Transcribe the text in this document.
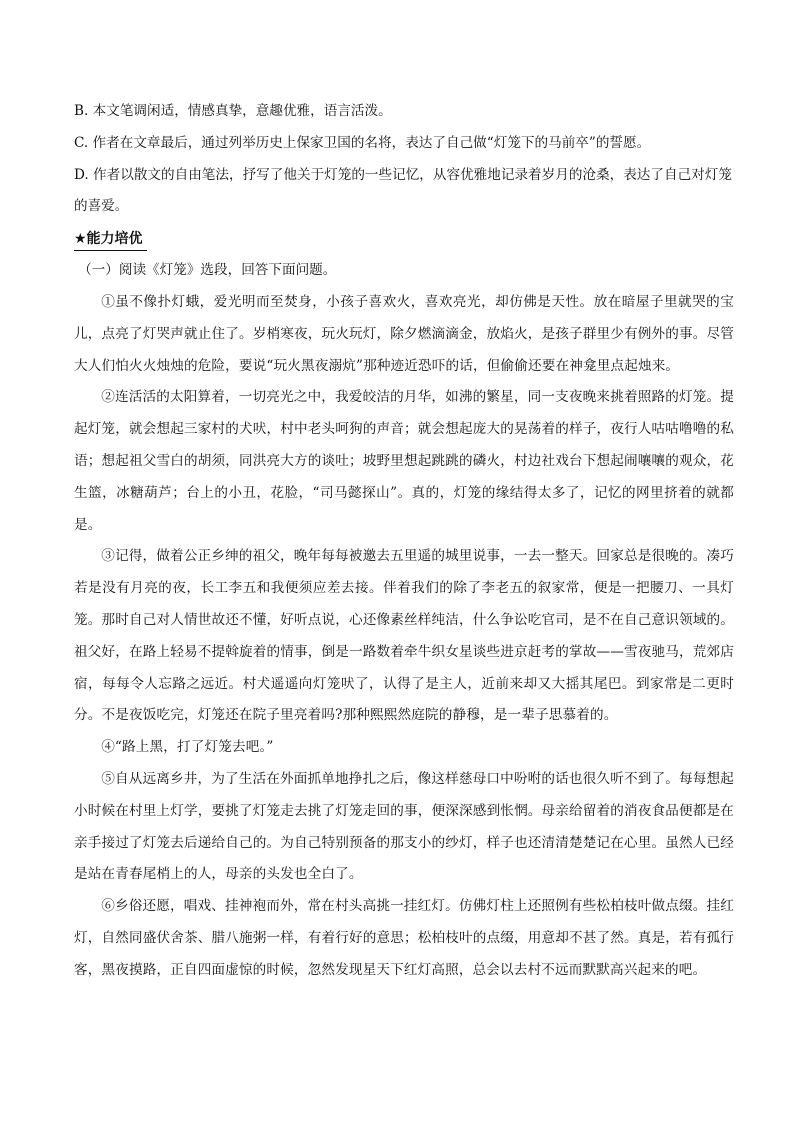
B. 本文笔调闲适，情感真挚，意趣优雅，语言活泼。
C. 作者在文章最后，通过列举历史上保家卫国的名将，表达了自己做“灯笼下的马前卒”的誓愿。
D. 作者以散文的自由笔法，抒写了他关于灯笼的一些记忆，从容优雅地记录着岁月的沧桑，表达了自己对灯笼的喜爱。
★能力培优
（一）阅读《灯笼》选段，回答下面问题。
①虽不像扑灯蛾，爱光明而至焚身，小孩子喜欢火，喜欢亮光，却仿佛是天性。放在暗屋子里就哭的宝儿，点亮了灯哭声就止住了。岁梢寒夜，玩火玩灯，除夕燃滴滴金，放焰火，是孩子群里少有例外的事。尽管大人们怕火火烛烛的危险，要说“玩火黑夜溺炕”那种迹近恐吓的话，但偷偷还要在神龛里点起烛来。
②连活活的太阳算着，一切亮光之中，我爱皎洁的月华，如沸的繁星，同一支夜晚来挑着照路的灯笼。提起灯笼，就会想起三家村的犬吠，村中老头呵狗的声音；就会想起庞大的晃荡着的样子，夜行人咕咕噜噜的私语；想起祖父雪白的胡须，同洪亮大方的谈吐；坡野里想起跳跳的磷火，村边社戏台下想起闹嚷嚷的观众，花生篮，冰糖葫芦；台上的小丑，花脸，“司马懿探山”。真的，灯笼的缘结得太多了，记忆的网里挤着的就都是。
③记得，做着公正乡绅的祖父，晚年每每被邀去五里遥的城里说事，一去一整天。回家总是很晚的。凑巧若是没有月亮的夜，长工李五和我便须应差去接。伴着我们的除了李老五的叙家常，便是一把腰刀、一具灯笼。那时自己对人情世故还不懂，好听点说，心还像素丝样纯洁，什么争讼吃官司，是不在自己意识领域的。祖父好，在路上轻易不提斡旋着的情事，倒是一路数着牵牛织女星谈些进京赶考的掌故——雪夜驰马，荒郊店宿，每每令人忘路之远近。村犬遥遥向灯笼吠了，认得了是主人，近前来却又大摇其尾巴。到家常是二更时分。不是夜饭吃完，灯笼还在院子里亮着吗?那种熙熙然庭院的静穆，是一辈子思慕着的。
④“路上黑，打了灯笼去吧。”
⑤自从远离乡井，为了生活在外面抓单地挣扎之后，像这样慈母口中吩咐的话也很久听不到了。每每想起小时候在村里上灯学，要挑了灯笼走去挑了灯笼走回的事，便深深感到怅惘。母亲给留着的消夜食品便都是在亲手接过了灯笼去后递给自己的。为自己特别预备的那支小的纱灯，样子也还清清楚楚记在心里。虽然人已经是站在青春尾梢上的人，母亲的头发也全白了。
⑥乡俗还愿，唱戏、挂神袍而外，常在村头高挑一挂红灯。仿佛灯柱上还照例有些松柏枝叶做点缀。挂红灯，自然同盛伏舍茶、腊八施粥一样，有着行好的意思；松柏枝叶的点缀，用意却不甚了然。真是，若有孤行客，黑夜摸路，正自四面虚惊的时候，忽然发现星天下红灯高照，总会以去村不远而默默高兴起来的吧。
